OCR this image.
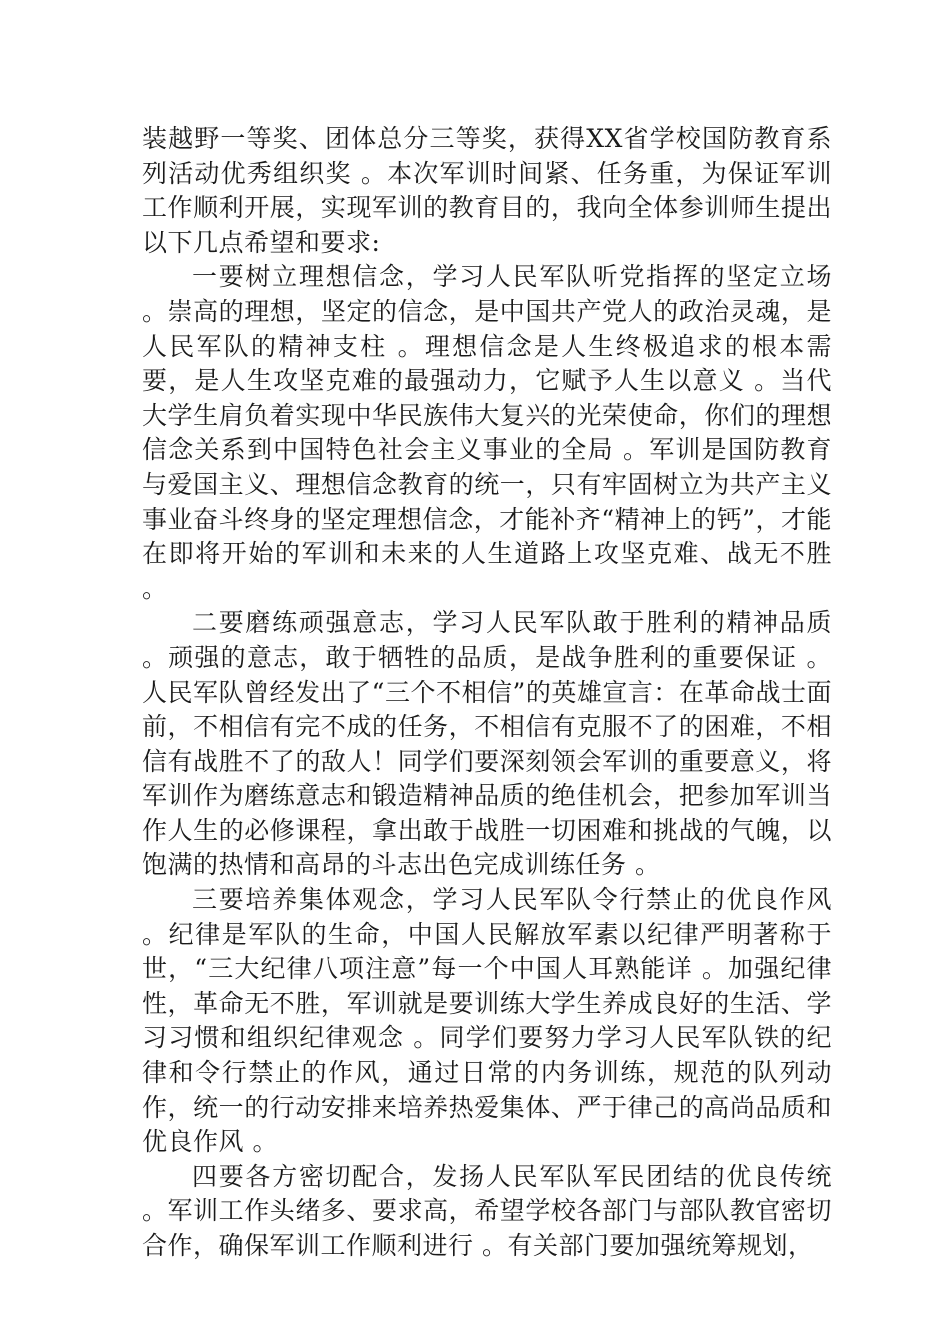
装越野一等奖、团体总分三等奖，获得XX省学校国防教育系列活动优秀组织奖 。本次军训时间紧、任务重，为保证军训工作顺利开展，实现军训的教育目的，我向全体参训师生提出以下几点希望和要求:

一要树立理想信念，学习人民军队听党指挥的坚定立场 。崇高的理想，坚定的信念，是中国共产党人的政治灵魂，是人民军队的精神支柱 。理想信念是人生终极追求的根本需要，是人生攻坚克难的最强动力，它赋予人生以意义 。当代大学生肩负着实现中华民族伟大复兴的光荣使命，你们的理想信念关系到中国特色社会主义事业的全局 。军训是国防教育与爱国主义、理想信念教育的统一，只有牢固树立为共产主义事业奋斗终身的坚定理想信念，才能补齐“精神上的钙”，才能在即将开始的军训和未来的人生道路上攻坚克难、战无不胜 。

二要磨练顽强意志，学习人民军队敢于胜利的精神品质 。顽强的意志，敢于牺牲的品质，是战争胜利的重要保证 。人民军队曾经发出了“三个不相信”的英雄宣言：在革命战士面前，不相信有完不成的任务，不相信有克服不了的困难，不相信有战胜不了的敌人！同学们要深刻领会军训的重要意义，将军训作为磨练意志和锻造精神品质的绝佳机会，把参加军训当作人生的必修课程，拿出敢于战胜一切困难和挑战的气魄，以饱满的热情和高昂的斗志出色完成训练任务 。

三要培养集体观念，学习人民军队令行禁止的优良作风 。纪律是军队的生命，中国人民解放军素以纪律严明著称于世，“三大纪律八项注意”每一个中国人耳熟能详 。加强纪律性，革命无不胜，军训就是要训练大学生养成良好的生活、学习习惯和组织纪律观念 。同学们要努力学习人民军队铁的纪律和令行禁止的作风，通过日常的内务训练，规范的队列动作，统一的行动安排来培养热爱集体、严于律己的高尚品质和优良作风 。

四要各方密切配合，发扬人民军队军民团结的优良传统 。军训工作头绪多、要求高，希望学校各部门与部队教官密切合作，确保军训工作顺利进行 。有关部门要加强统筹规划，
